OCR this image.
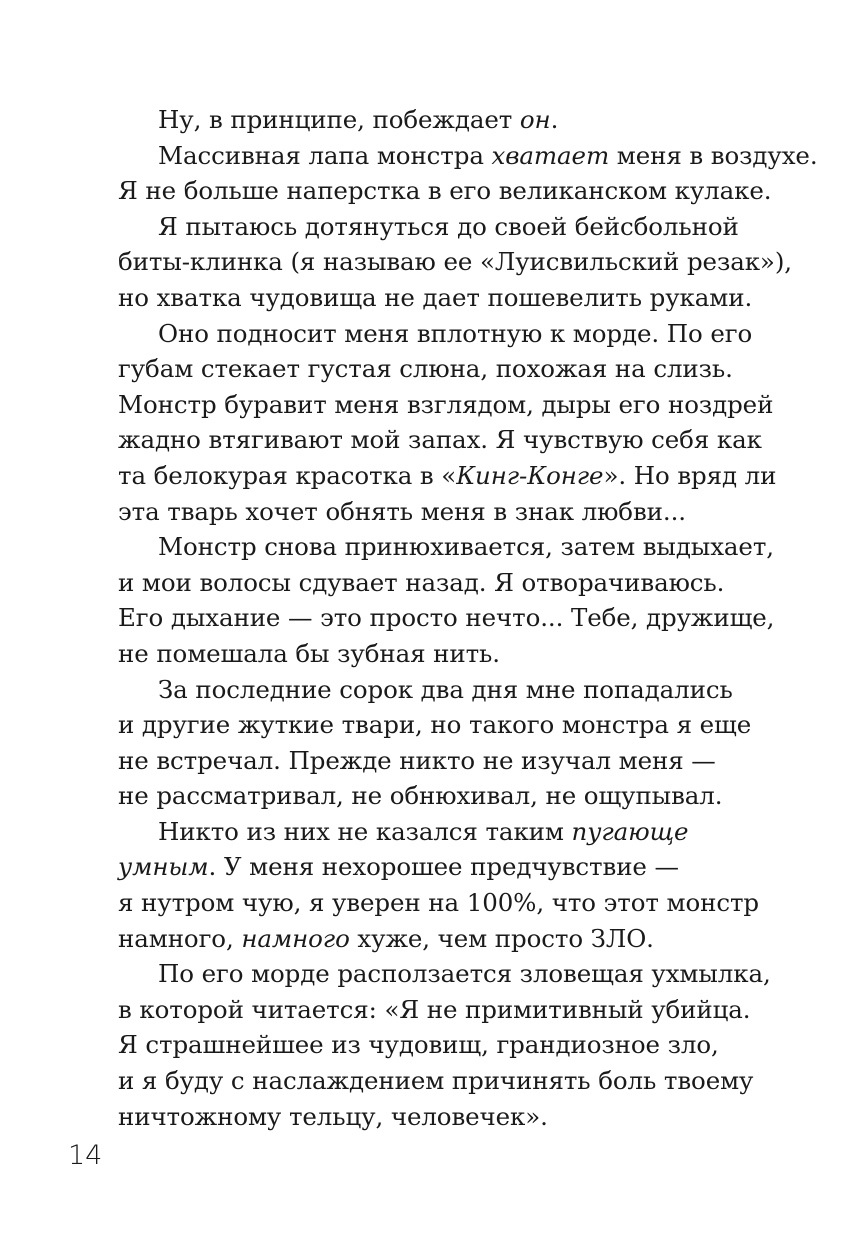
Ну, в принципе, побеждает он.
Массивная лапа монстра хватает меня в воздухе.
Я не больше наперстка в его великанском кулаке.
Я пытаюсь дотянуться до своей бейсбольной
биты-клинка (я называю ее «Луисвильский резак»),
но хватка чудовища не дает пошевелить руками.
Оно подносит меня вплотную к морде. По его
губам стекает густая слюна, похожая на слизь.
Монстр буравит меня взглядом, дыры его ноздрей
жадно втягивают мой запах. Я чувствую себя как
та белокурая красотка в «Кинг-Конге». Но вряд ли
эта тварь хочет обнять меня в знак любви...
Монстр снова принюхивается, затем выдыхает,
и мои волосы сдувает назад. Я отворачиваюсь.
Его дыхание — это просто нечто... Тебе, дружище,
не помешала бы зубная нить.
За последние сорок два дня мне попадались
и другие жуткие твари, но такого монстра я еще
не встречал. Прежде никто не изучал меня —
не рассматривал, не обнюхивал, не ощупывал.
Никто из них не казался таким пугающе
умным. У меня нехорошее предчувствие —
я нутром чую, я уверен на 100%, что этот монстр
намного, намного хуже, чем просто ЗЛО.
По его морде расползается зловещая ухмылка,
в которой читается: «Я не примитивный убийца.
Я страшнейшее из чудовищ, грандиозное зло,
и я буду с наслаждением причинять боль твоему
ничтожному тельцу, человечек».
14
